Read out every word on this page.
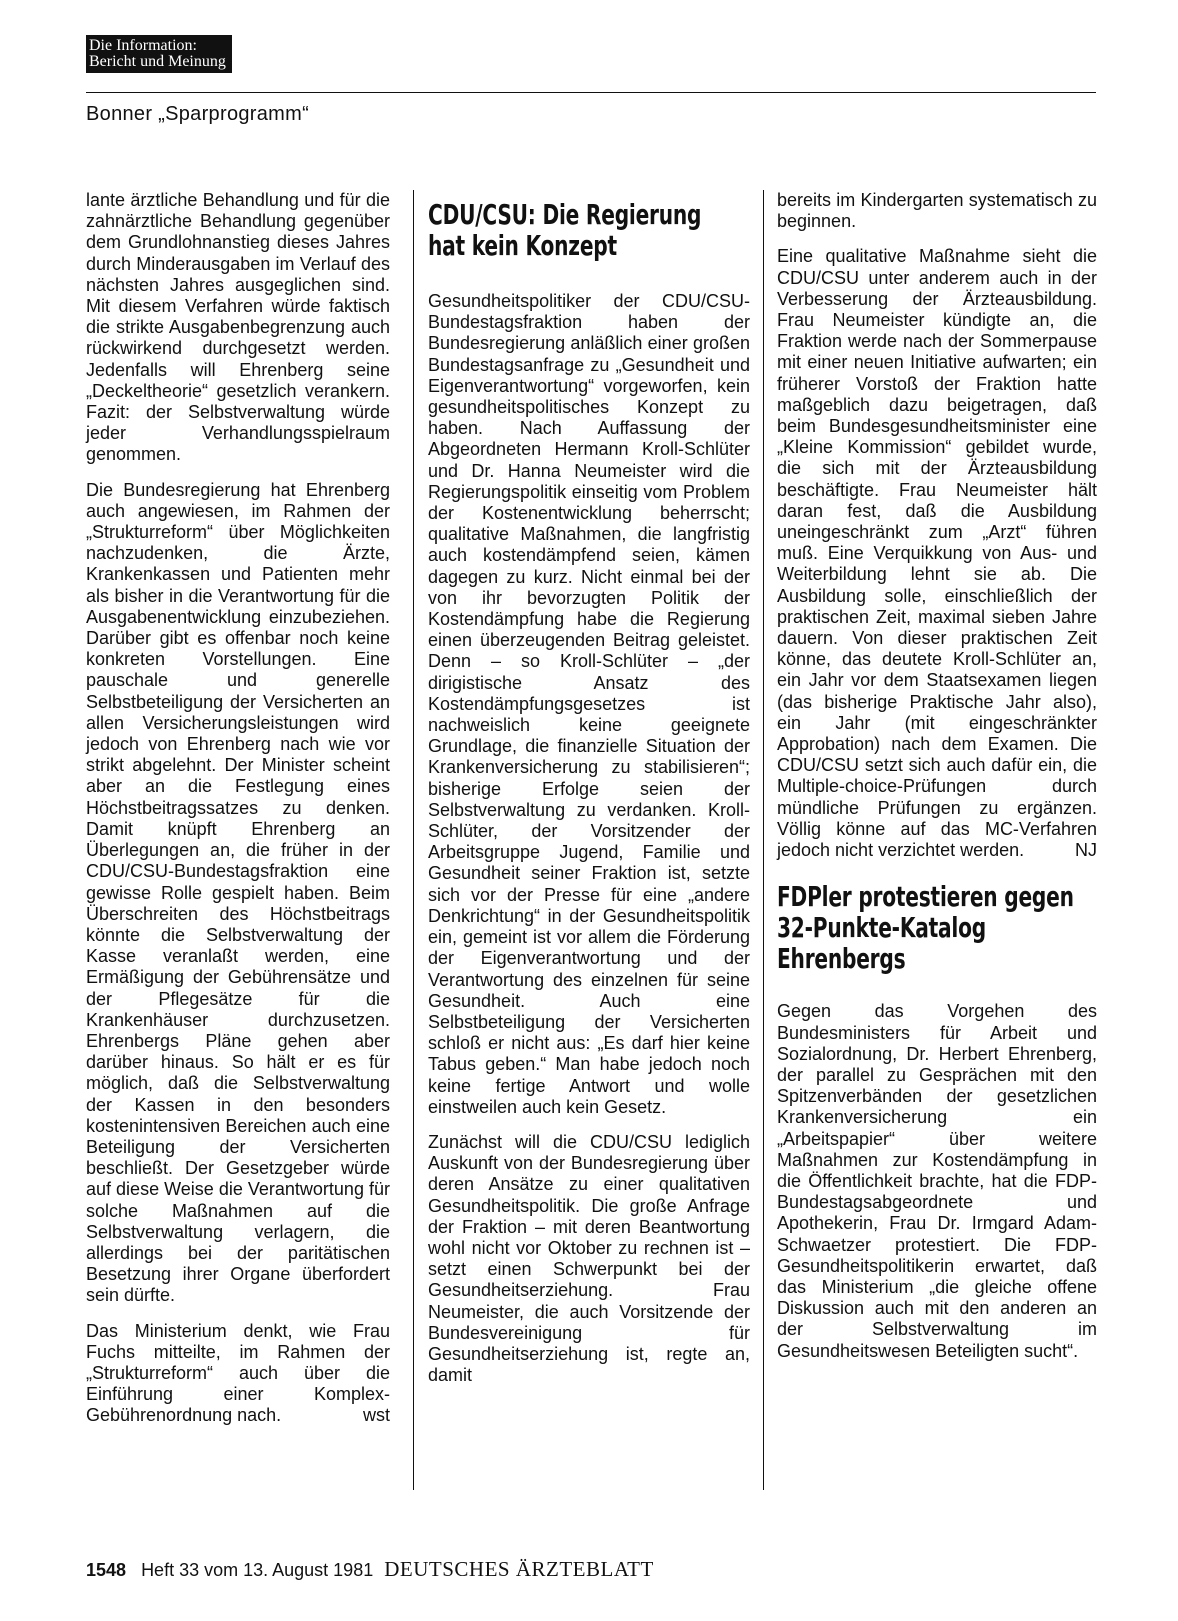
Die Information:
Bericht und Meinung
Bonner „Sparprogramm“

lante ärztliche Behandlung und für die zahnärztliche Behandlung gegenüber dem Grundlohnanstieg dieses Jahres durch Minderausgaben im Verlauf des nächsten Jahres ausgeglichen sind. Mit diesem Verfahren würde faktisch die strikte Ausgabenbegrenzung auch rückwirkend durchgesetzt werden. Jedenfalls will Ehrenberg seine „Deckeltheorie“ gesetzlich verankern. Fazit: der Selbstverwaltung würde jeder Verhandlungsspielraum genommen.

Die Bundesregierung hat Ehrenberg auch angewiesen, im Rahmen der „Strukturreform“ über Möglichkeiten nachzudenken, die Ärzte, Krankenkassen und Patienten mehr als bisher in die Verantwortung für die Ausgabenentwicklung einzubeziehen. Darüber gibt es offenbar noch keine konkreten Vorstellungen. Eine pauschale und generelle Selbstbeteiligung der Versicherten an allen Versicherungsleistungen wird jedoch von Ehrenberg nach wie vor strikt abgelehnt. Der Minister scheint aber an die Festlegung eines Höchstbeitragssatzes zu denken. Damit knüpft Ehrenberg an Überlegungen an, die früher in der CDU/CSU-Bundestagsfraktion eine gewisse Rolle gespielt haben. Beim Überschreiten des Höchstbeitrags könnte die Selbstverwaltung der Kasse veranlaßt werden, eine Ermäßigung der Gebührensätze und der Pflegesätze für die Krankenhäuser durchzusetzen. Ehrenbergs Pläne gehen aber darüber hinaus. So hält er es für möglich, daß die Selbstverwaltung der Kassen in den besonders kostenintensiven Bereichen auch eine Beteiligung der Versicherten beschließt. Der Gesetzgeber würde auf diese Weise die Verantwortung für solche Maßnahmen auf die Selbstverwaltung verlagern, die allerdings bei der paritätischen Besetzung ihrer Organe überfordert sein dürfte.

Das Ministerium denkt, wie Frau Fuchs mitteilte, im Rahmen der „Strukturreform“ auch über die Einführung einer Komplex-Gebührenordnung nach.	wst

CDU/CSU: Die Regierung hat kein Konzept

Gesundheitspolitiker der CDU/CSU-Bundestagsfraktion haben der Bundesregierung anläßlich einer großen Bundestagsanfrage zu „Gesundheit und Eigenverantwortung“ vorgeworfen, kein gesundheitspolitisches Konzept zu haben. Nach Auffassung der Abgeordneten Hermann Kroll-Schlüter und Dr. Hanna Neumeister wird die Regierungspolitik einseitig vom Problem der Kostenentwicklung beherrscht; qualitative Maßnahmen, die langfristig auch kostendämpfend seien, kämen dagegen zu kurz. Nicht einmal bei der von ihr bevorzugten Politik der Kostendämpfung habe die Regierung einen überzeugenden Beitrag geleistet. Denn – so Kroll-Schlüter – „der dirigistische Ansatz des Kostendämpfungsgesetzes ist nachweislich keine geeignete Grundlage, die finanzielle Situation der Krankenversicherung zu stabilisieren“; bisherige Erfolge seien der Selbstverwaltung zu verdanken. Kroll-Schlüter, der Vorsitzender der Arbeitsgruppe Jugend, Familie und Gesundheit seiner Fraktion ist, setzte sich vor der Presse für eine „andere Denkrichtung“ in der Gesundheitspolitik ein, gemeint ist vor allem die Förderung der Eigenverantwortung und der Verantwortung des einzelnen für seine Gesundheit. Auch eine Selbstbeteiligung der Versicherten schloß er nicht aus: „Es darf hier keine Tabus geben.“ Man habe jedoch noch keine fertige Antwort und wolle einstweilen auch kein Gesetz.

Zunächst will die CDU/CSU lediglich Auskunft von der Bundesregierung über deren Ansätze zu einer qualitativen Gesundheitspolitik. Die große Anfrage der Fraktion – mit deren Beantwortung wohl nicht vor Oktober zu rechnen ist – setzt einen Schwerpunkt bei der Gesundheitserziehung. Frau Neumeister, die auch Vorsitzende der Bundesvereinigung für Gesundheitserziehung ist, regte an, damit

bereits im Kindergarten systematisch zu beginnen.

Eine qualitative Maßnahme sieht die CDU/CSU unter anderem auch in der Verbesserung der Ärzteausbildung. Frau Neumeister kündigte an, die Fraktion werde nach der Sommerpause mit einer neuen Initiative aufwarten; ein früherer Vorstoß der Fraktion hatte maßgeblich dazu beigetragen, daß beim Bundesgesundheitsminister eine „Kleine Kommission“ gebildet wurde, die sich mit der Ärzteausbildung beschäftigte. Frau Neumeister hält daran fest, daß die Ausbildung uneingeschränkt zum „Arzt“ führen muß. Eine Verquikkung von Aus- und Weiterbildung lehnt sie ab. Die Ausbildung solle, einschließlich der praktischen Zeit, maximal sieben Jahre dauern. Von dieser praktischen Zeit könne, das deutete Kroll-Schlüter an, ein Jahr vor dem Staatsexamen liegen (das bisherige Praktische Jahr also), ein Jahr (mit eingeschränkter Approbation) nach dem Examen. Die CDU/CSU setzt sich auch dafür ein, die Multiple-choice-Prüfungen durch mündliche Prüfungen zu ergänzen. Völlig könne auf das MC-Verfahren jedoch nicht verzichtet werden.	NJ

FDPler protestieren gegen 32-Punkte-Katalog Ehrenbergs

Gegen das Vorgehen des Bundesministers für Arbeit und Sozialordnung, Dr. Herbert Ehrenberg, der parallel zu Gesprächen mit den Spitzenverbänden der gesetzlichen Krankenversicherung ein „Arbeitspapier“ über weitere Maßnahmen zur Kostendämpfung in die Öffentlichkeit brachte, hat die FDP-Bundestagsabgeordnete und Apothekerin, Frau Dr. Irmgard Adam-Schwaetzer protestiert. Die FDP-Gesundheitspolitikerin erwartet, daß das Ministerium „die gleiche offene Diskussion auch mit den anderen an der Selbstverwaltung im Gesundheitswesen Beteiligten sucht“.

1548 Heft 33 vom 13. August 1981 DEUTSCHES ÄRZTEBLATT
